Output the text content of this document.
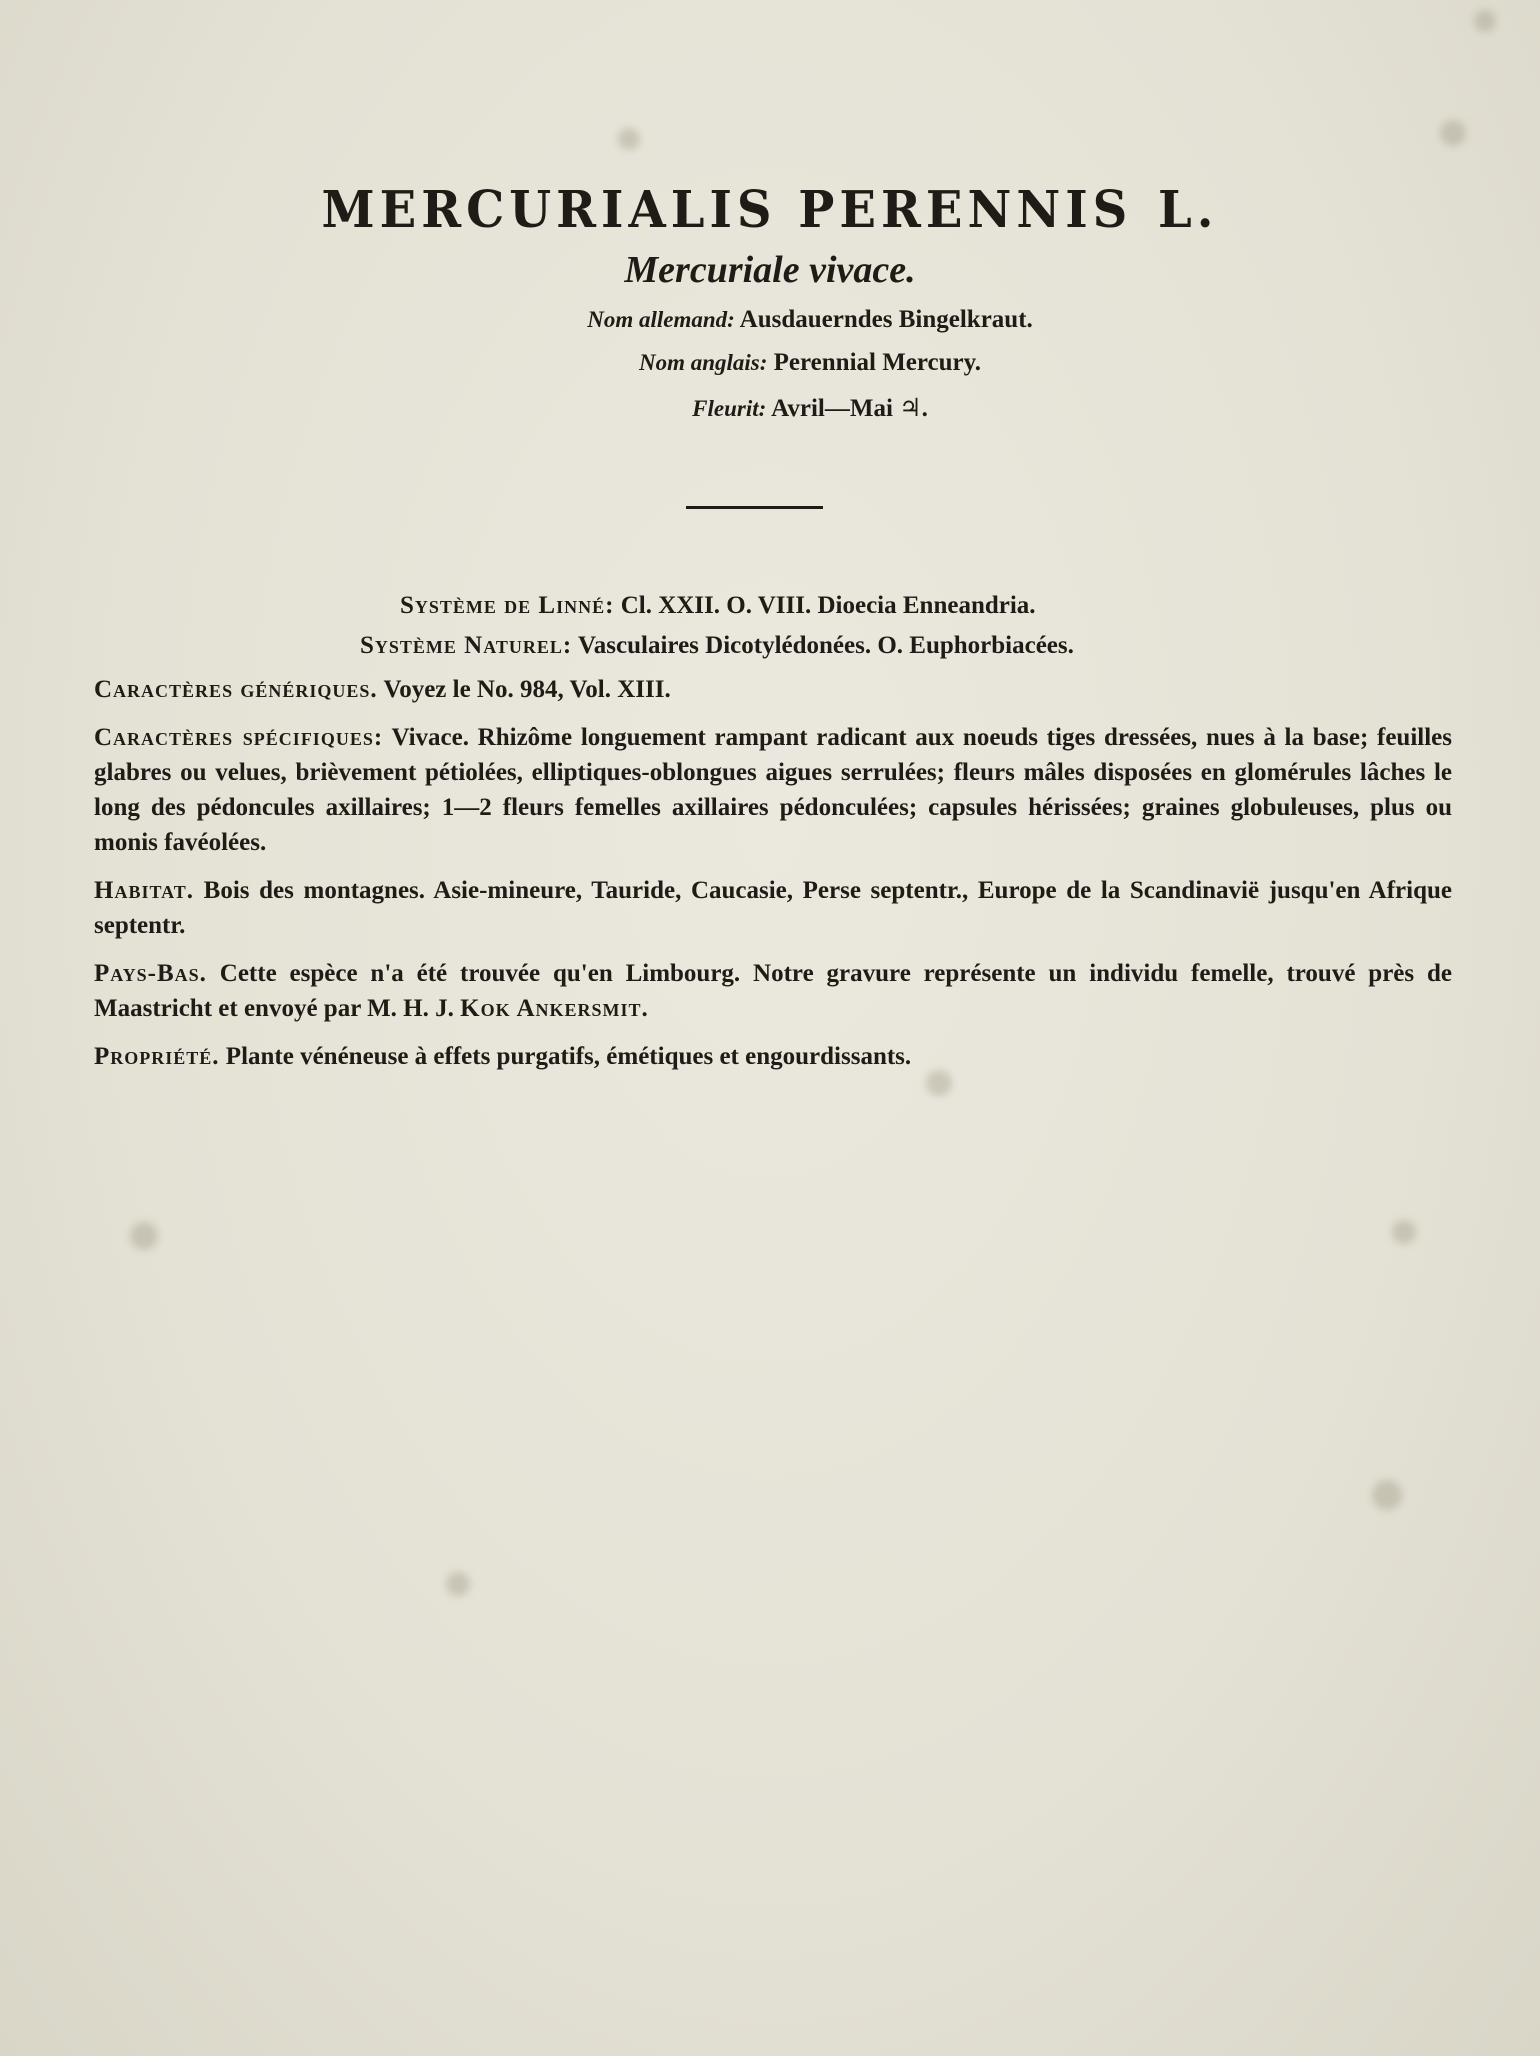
MERCURIALIS PERENNIS L.
Mercuriale vivace.
Nom allemand: Ausdauerndes Bingelkraut.
Nom anglais: Perennial Mercury.
Fleurit: Avril—Mai ♃.
Système de Linné: Cl. XXII. O. VIII. Dioecia Enneandria.
Système Naturel: Vasculaires Dicotylédonées. O. Euphorbiacées.

Caractères génériques. Voyez le No. 984, Vol. XIII.

Caractères spécifiques: Vivace. Rhizôme longuement rampant radicant aux noeuds tiges dressées, nues à la base; feuilles glabres ou velues, brièvement pétiolées, elliptiques-oblongues aigues serrulées; fleurs mâles disposées en glomérules lâches le long des pédoncules axillaires; 1—2 fleurs femelles axillaires pédonculées; capsules hérissées; graines globuleuses, plus ou monis favéolées.

Habitat. Bois des montagnes. Asie-mineure, Tauride, Caucasie, Perse septentr., Europe de la Scandinavië jusqu'en Afrique septentr.

Pays-Bas. Cette espèce n'a été trouvée qu'en Limbourg. Notre gravure représente un individu femelle, trouvé près de Maastricht et envoyé par M. H. J. Kok Ankersmit.

Propriété. Plante vénéneuse à effets purgatifs, émétiques et engourdissants.
